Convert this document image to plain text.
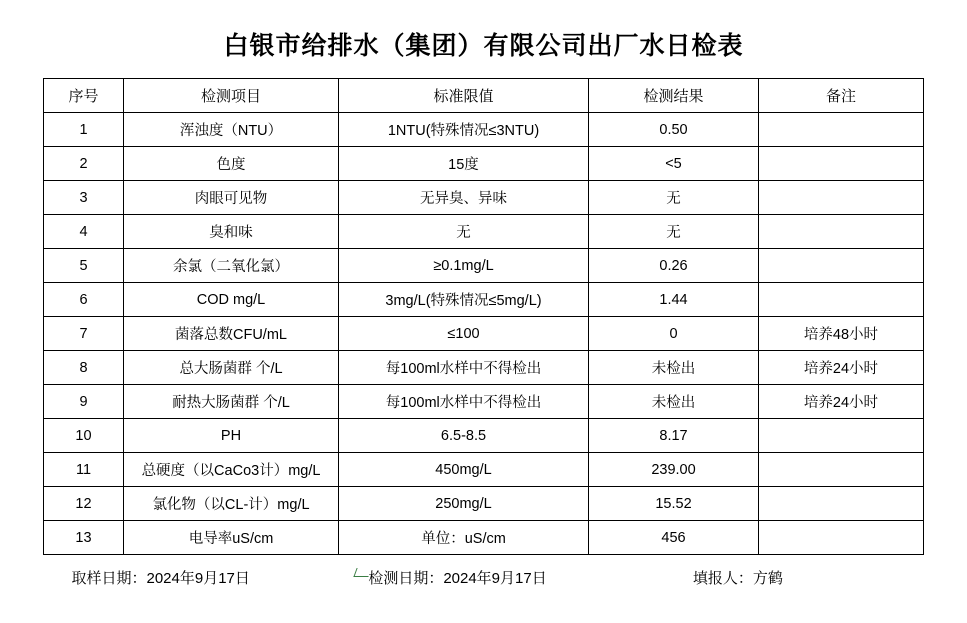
白银市给排水（集团）有限公司出厂水日检表
序号	检测项目	标准限值	检测结果	备注
1	浑浊度（NTU）	1NTU(特殊情况≤3NTU)	0.50	
2	色度	15度	<5	
3	肉眼可见物	无异臭、异味	无	
4	臭和味	无	无	
5	余氯（二氧化氯）	≥0.1mg/L	0.26	
6	COD mg/L	3mg/L(特殊情况≤5mg/L)	1.44	
7	菌落总数CFU/mL	≤100	0	培养48小时
8	总大肠菌群 个/L	每100ml水样中不得检出	未检出	培养24小时
9	耐热大肠菌群 个/L	每100ml水样中不得检出	未检出	培养24小时
10	PH	6.5-8.5	8.17	
11	总硬度（以CaCo3计）mg/L	450mg/L	239.00	
12	氯化物（以CL-计）mg/L	250mg/L	15.52	
13	电导率uS/cm	单位：uS/cm	456	
取样日期：2024年9月17日	检测日期：2024年9月17日	填报人：方鹤
